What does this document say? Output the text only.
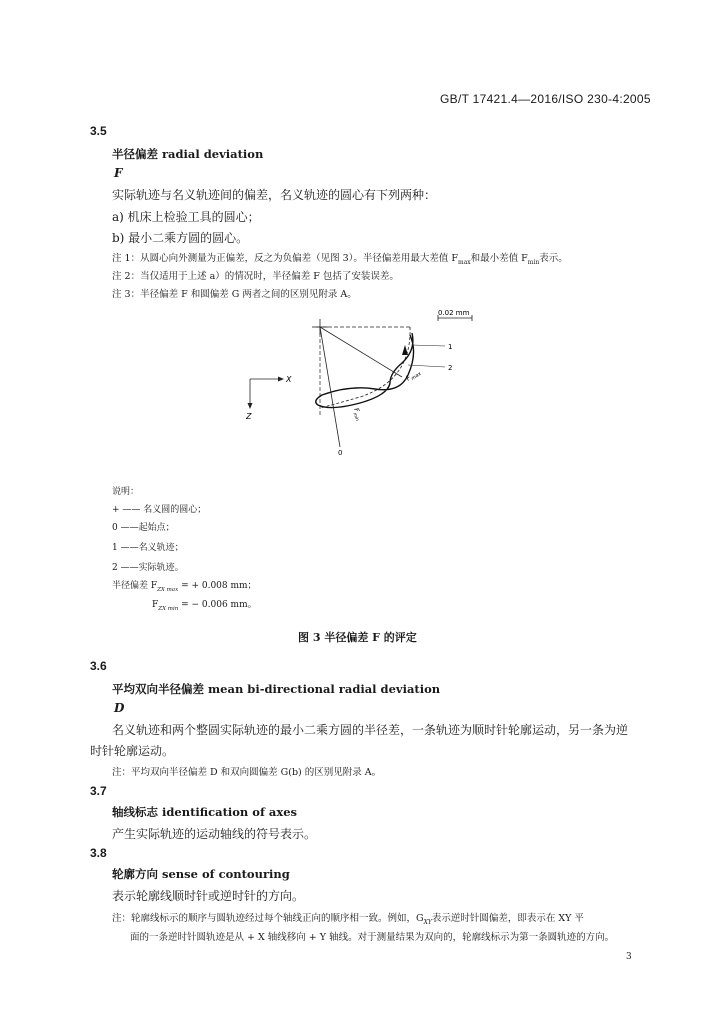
GB/T 17421.4—2016/ISO 230-4:2005
3.5
半径偏差 radial deviation
F
实际轨迹与名义轨迹间的偏差，名义轨迹的圆心有下列两种：
a) 机床上检验工具的圆心；
b) 最小二乘方圆的圆心。
注 1：从圆心向外测量为正偏差，反之为负偏差（见图 3）。半径偏差用最大差值 $F_{max}$和最小差值 $F_{min}$表示。
注 2：当仅适用于上述 a）的情况时，半径偏差 F 包括了安装误差。
注 3：半径偏差 F 和圆偏差 G 两者之间的区别见附录 A。
0.02 mm
1
2
$F_{max}$
$F_{min}$
0
X
Z
说明：
+ —— 名义圆的圆心；
0 ——起始点；
1 ——名义轨迹；
2 ——实际轨迹。
半径偏差 $F_{ZX max}$ = + 0.008 mm；
$F_{ZX min}$ = − 0.006 mm。
图 3 半径偏差 F 的评定
3.6
平均双向半径偏差 mean bi-directional radial deviation
D
名义轨迹和两个整圆实际轨迹的最小二乘方圆的半径差，一条轨迹为顺时针轮廓运动，另一条为逆
时针轮廓运动。
注：平均双向半径偏差 D 和双向圆偏差 G(b) 的区别见附录 A。
3.7
轴线标志 identification of axes
产生实际轨迹的运动轴线的符号表示。
3.8
轮廓方向 sense of contouring
表示轮廓线顺时针或逆时针的方向。
注：轮廓线标示的顺序与圆轨迹经过每个轴线正向的顺序相一致。例如，$G_{XY}$表示逆时针圆偏差，即表示在 XY 平
面的一条逆时针圆轨迹是从 + X 轴线移向 + Y 轴线。对于测量结果为双向的，轮廓线标示为第一条圆轨迹的方向。
3
